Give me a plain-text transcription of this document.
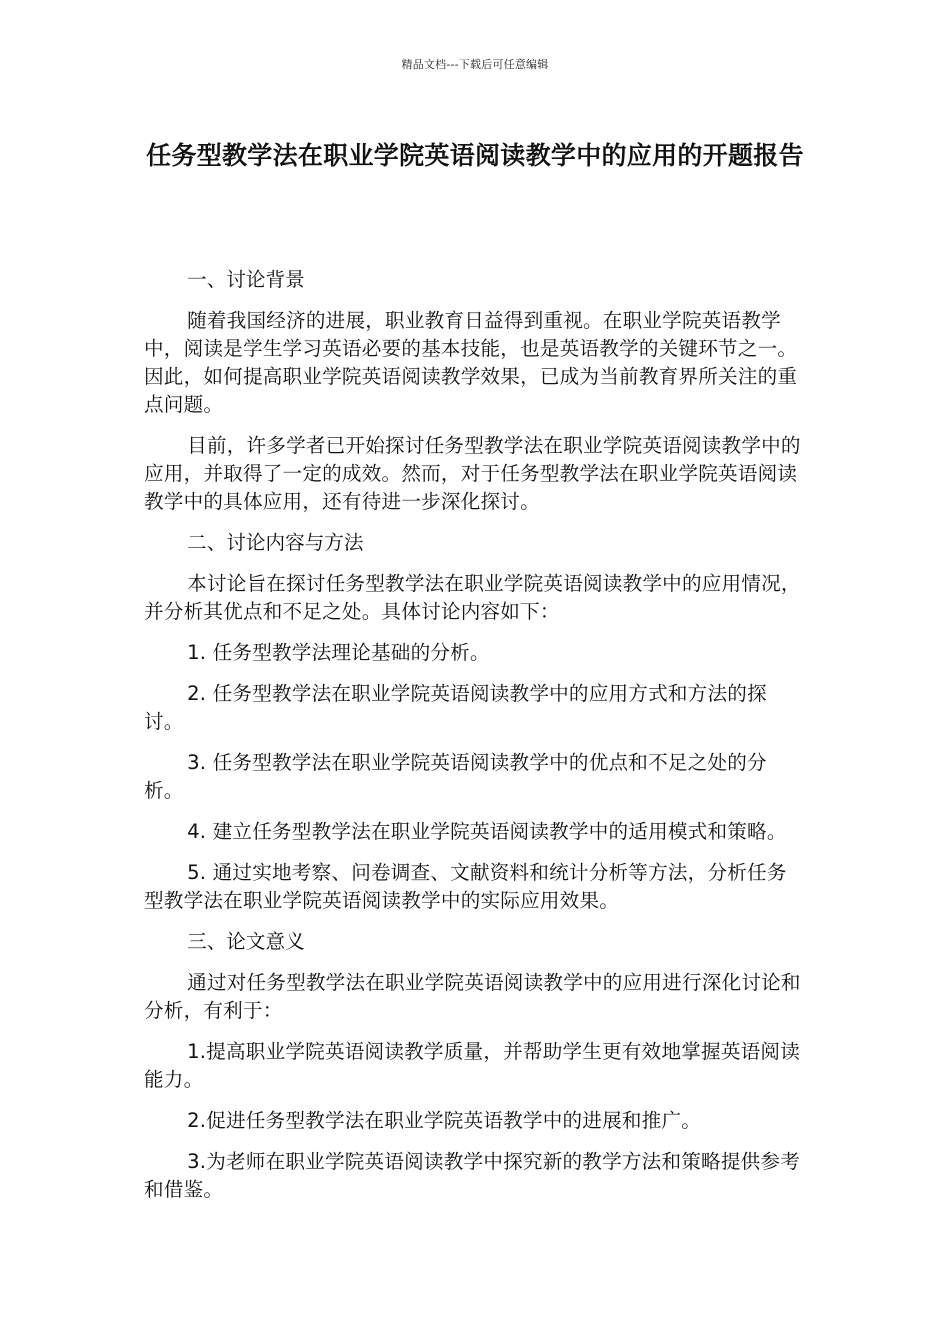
精品文档---下载后可任意编辑
任务型教学法在职业学院英语阅读教学中的应用的开题报告

一、讨论背景

随着我国经济的进展，职业教育日益得到重视。在职业学院英语教学中，阅读是学生学习英语必要的基本技能，也是英语教学的关键环节之一。因此，如何提高职业学院英语阅读教学效果，已成为当前教育界所关注的重点问题。

目前，许多学者已开始探讨任务型教学法在职业学院英语阅读教学中的应用，并取得了一定的成效。然而，对于任务型教学法在职业学院英语阅读教学中的具体应用，还有待进一步深化探讨。

二、讨论内容与方法

本讨论旨在探讨任务型教学法在职业学院英语阅读教学中的应用情况，并分析其优点和不足之处。具体讨论内容如下：

1. 任务型教学法理论基础的分析。

2. 任务型教学法在职业学院英语阅读教学中的应用方式和方法的探讨。

3. 任务型教学法在职业学院英语阅读教学中的优点和不足之处的分析。

4. 建立任务型教学法在职业学院英语阅读教学中的适用模式和策略。

5. 通过实地考察、问卷调查、文献资料和统计分析等方法，分析任务型教学法在职业学院英语阅读教学中的实际应用效果。

三、论文意义

通过对任务型教学法在职业学院英语阅读教学中的应用进行深化讨论和分析，有利于：

1.提高职业学院英语阅读教学质量，并帮助学生更有效地掌握英语阅读能力。

2.促进任务型教学法在职业学院英语教学中的进展和推广。

3.为老师在职业学院英语阅读教学中探究新的教学方法和策略提供参考和借鉴。
